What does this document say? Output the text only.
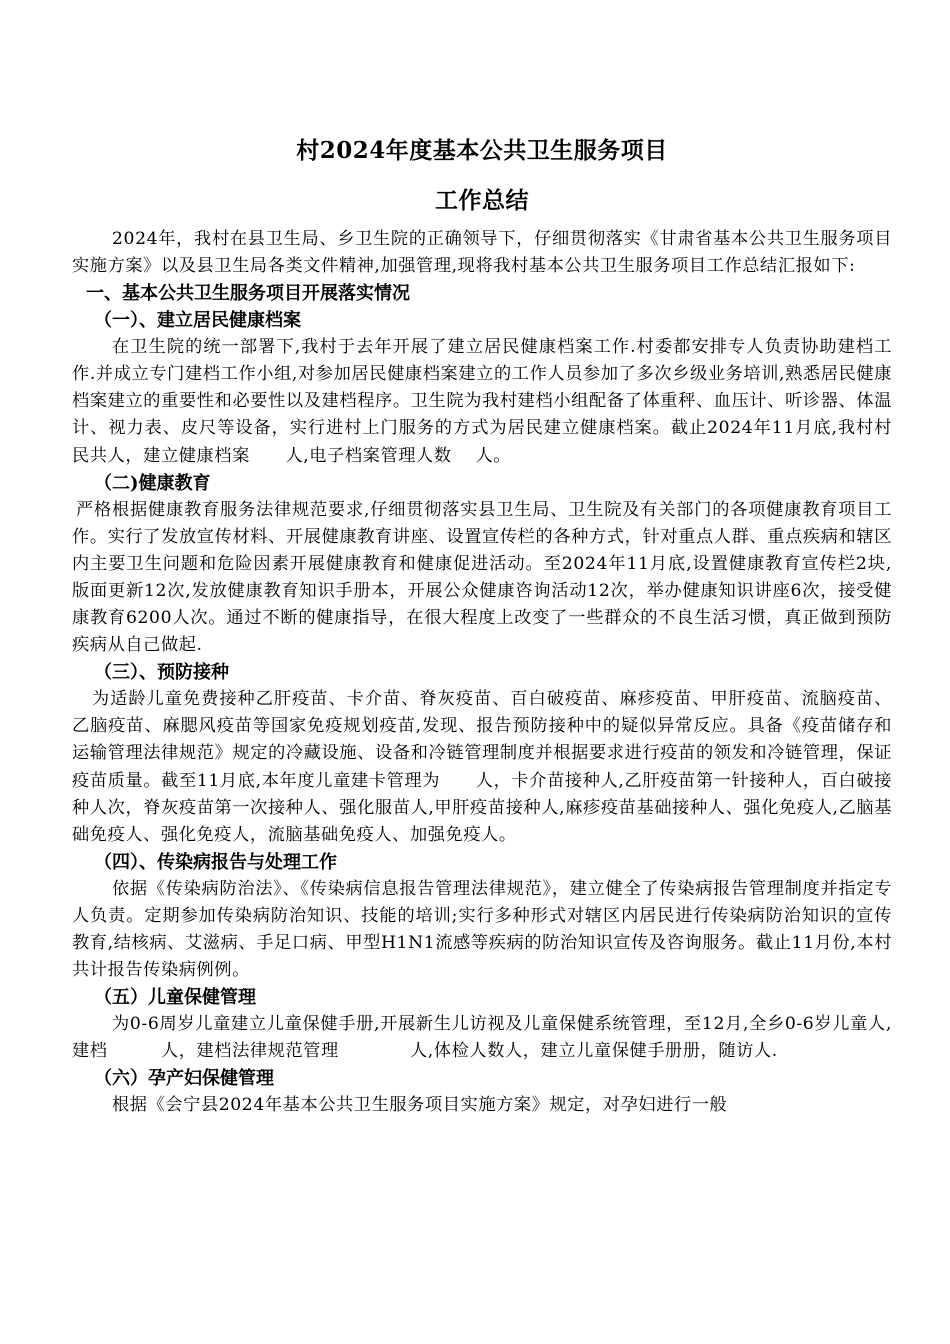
村2024年度基本公共卫生服务项目

工作总结

2024年，我村在县卫生局、乡卫生院的正确领导下，仔细贯彻落实《甘肃省基本公共卫生服务项目实施方案》以及县卫生局各类文件精神,加强管理,现将我村基本公共卫生服务项目工作总结汇报如下:

一、基本公共卫生服务项目开展落实情况

（一）、建立居民健康档案

在卫生院的统一部署下,我村于去年开展了建立居民健康档案工作.村委都安排专人负责协助建档工作.并成立专门建档工作小组,对参加居民健康档案建立的工作人员参加了多次乡级业务培训,熟悉居民健康档案建立的重要性和必要性以及建档程序。卫生院为我村建档小组配备了体重秤、血压计、听诊器、体温计、视力表、皮尺等设备，实行进村上门服务的方式为居民建立健康档案。截止2024年11月底,我村村民共人，建立健康档案　　人,电子档案管理人数　 人。

（二)健康教育

严格根据健康教育服务法律规范要求,仔细贯彻落实县卫生局、卫生院及有关部门的各项健康教育项目工作。实行了发放宣传材料、开展健康教育讲座、设置宣传栏的各种方式，针对重点人群、重点疾病和辖区内主要卫生问题和危险因素开展健康教育和健康促进活动。至2024年11月底,设置健康教育宣传栏2块,版面更新12次,发放健康教育知识手册本，开展公众健康咨询活动12次，举办健康知识讲座6次，接受健康教育6200人次。通过不断的健康指导，在很大程度上改变了一些群众的不良生活习惯，真正做到预防疾病从自己做起.

（三）、预防接种

为适龄儿童免费接种乙肝疫苗、卡介苗、脊灰疫苗、百白破疫苗、麻疹疫苗、甲肝疫苗、流脑疫苗、乙脑疫苗、麻腮风疫苗等国家免疫规划疫苗,发现、报告预防接种中的疑似异常反应。具备《疫苗储存和运输管理法律规范》规定的冷藏设施、设备和冷链管理制度并根据要求进行疫苗的领发和冷链管理，保证疫苗质量。截至11月底,本年度儿童建卡管理为　　人，卡介苗接种人,乙肝疫苗第一针接种人，百白破接种人次，脊灰疫苗第一次接种人、强化服苗人,甲肝疫苗接种人,麻疹疫苗基础接种人、强化免疫人,乙脑基础免疫人、强化免疫人，流脑基础免疫人、加强免疫人。

（四）、传染病报告与处理工作

依据《传染病防治法》、《传染病信息报告管理法律规范》，建立健全了传染病报告管理制度并指定专人负责。定期参加传染病防治知识、技能的培训;实行多种形式对辖区内居民进行传染病防治知识的宣传教育,结核病、艾滋病、手足口病、甲型H1N1流感等疾病的防治知识宣传及咨询服务。截止11月份,本村共计报告传染病例例。

（五）儿童保健管理

为0-6周岁儿童建立儿童保健手册,开展新生儿访视及儿童保健系统管理，至12月,全乡0-6岁儿童人,建档　　　人，建档法律规范管理　　　　人,体检人数人，建立儿童保健手册册，随访人.

（六）孕产妇保健管理

根据《会宁县2024年基本公共卫生服务项目实施方案》规定，对孕妇进行一般
